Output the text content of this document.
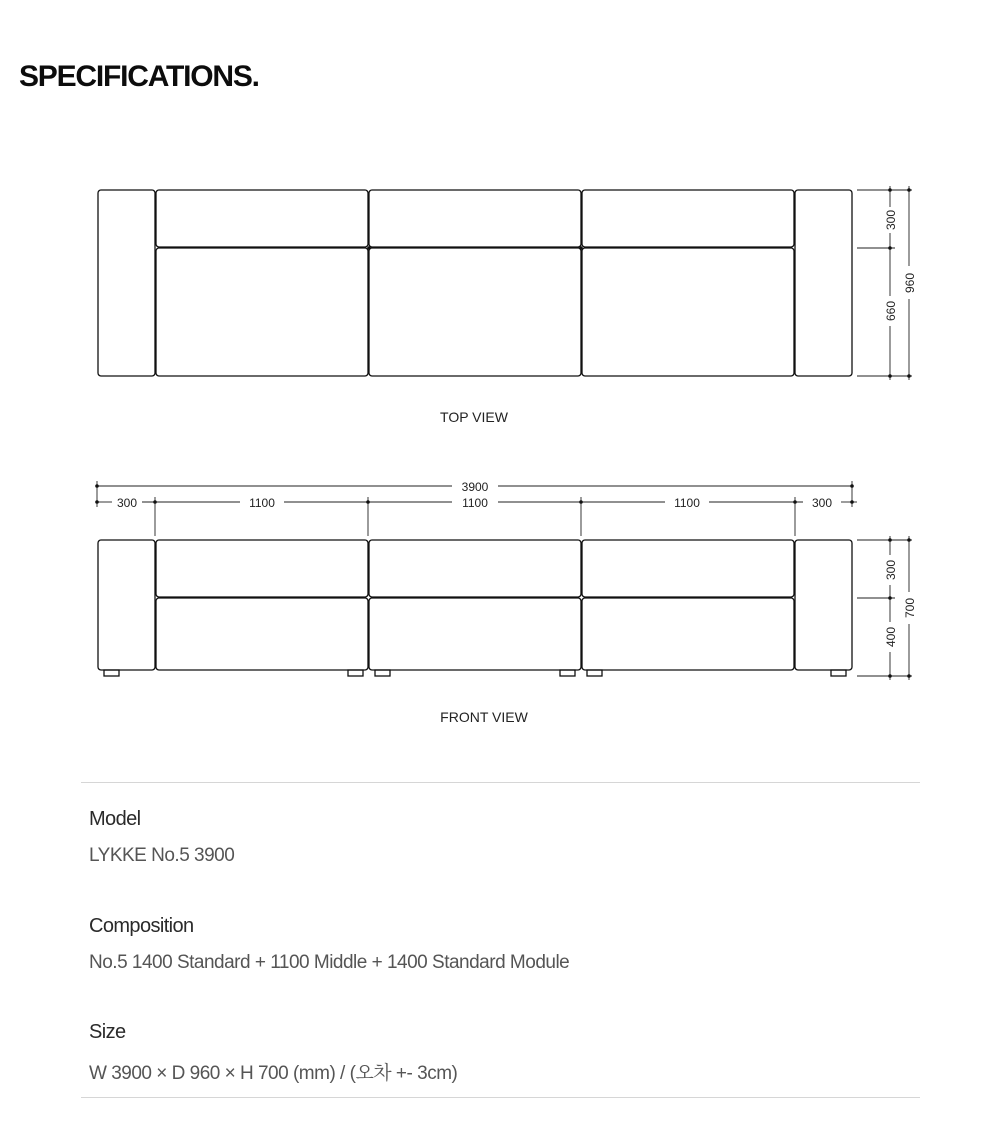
SPECIFICATIONS.
300
660
960
3900
300	1100	1100	1100	300
300
400
700
TOP VIEW
FRONT VIEW

Model

LYKKE No.5 3900

Composition

No.5 1400 Standard + 1100 Middle + 1400 Standard Module

Size

W 3900 × D 960 × H 700 (mm) / (오차 +- 3cm)
